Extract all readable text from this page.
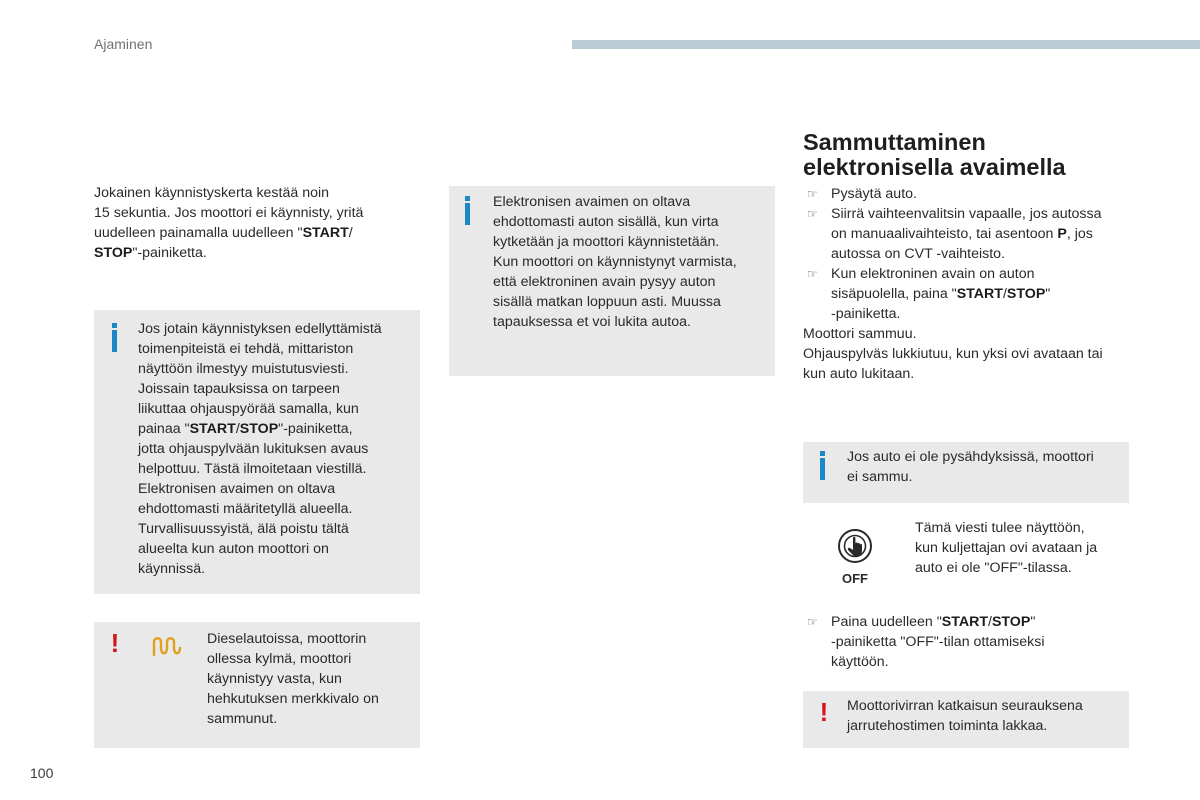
Ajaminen

Jokainen käynnistyskerta kestää noin

15 sekuntia. Jos moottori ei käynnisty, yritä

uudelleen painamalla uudelleen "START/

STOP"-painiketta.

Jos jotain käynnistyksen edellyttämistä

toimenpiteistä ei tehdä, mittariston

näyttöön ilmestyy muistutusviesti.

Joissain tapauksissa on tarpeen

liikuttaa ohjauspyörää samalla, kun

painaa "START/STOP"-painiketta,

jotta ohjauspylvään lukituksen avaus

helpottuu. Tästä ilmoitetaan viestillä.

Elektronisen avaimen on oltava

ehdottomasti määritetyllä alueella.

Turvallisuussyistä, älä poistu tältä

alueelta kun auton moottori on

käynnissä.

!	Dieselautoissa, moottorin

ollessa kylmä, moottori

käynnistyy vasta, kun

hehkutuksen merkkivalo on

sammunut.

Elektronisen avaimen on oltava

ehdottomasti auton sisällä, kun virta

kytketään ja moottori käynnistetään.

Kun moottori on käynnistynyt varmista,

että elektroninen avain pysyy auton

sisällä matkan loppuun asti. Muussa

tapauksessa et voi lukita autoa.

Sammuttaminen
elektronisella avaimella
☞ Pysäytä auto.
☞ Siirrä vaihteenvalitsin vapaalle, jos autossa
on manuaalivaihteisto, tai asentoon P, jos
autossa on CVT -vaihteisto.
☞ Kun elektroninen avain on auton
sisäpuolella, paina "START/STOP"
-painiketta.

Moottori sammuu.

Ohjauspylväs lukkiutuu, kun yksi ovi avataan tai

kun auto lukitaan.

Jos auto ei ole pysähdyksissä, moottori

ei sammu.

OFF

Tämä viesti tulee näyttöön,

kun kuljettajan ovi avataan ja

auto ei ole "OFF"-tilassa.

☞ Paina uudelleen "START/STOP"
-painiketta "OFF"-tilan ottamiseksi
käyttöön.
!	Moottorivirran katkaisun seurauksena

jarrutehostimen toiminta lakkaa.

100
